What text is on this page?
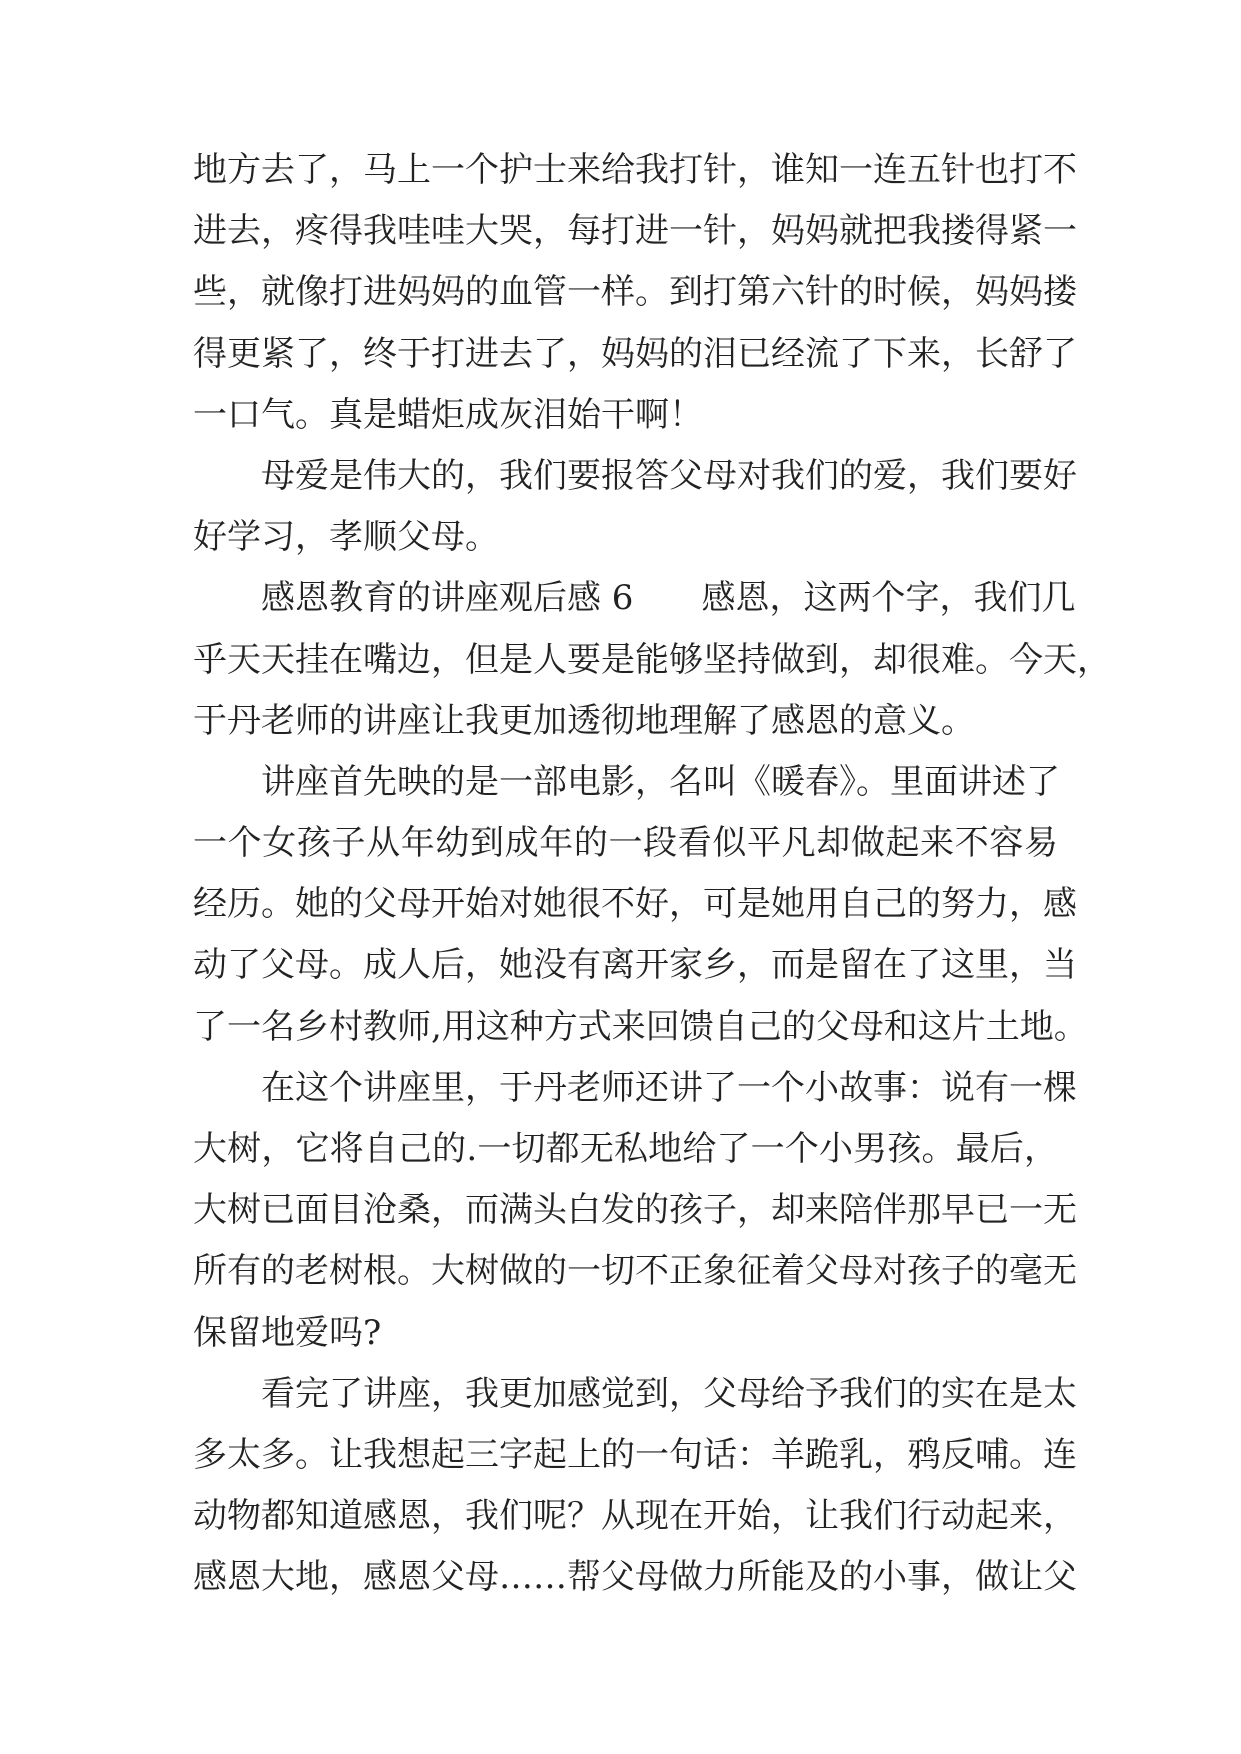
地方去了，马上一个护士来给我打针，谁知一连五针也打不
进去，疼得我哇哇大哭，每打进一针，妈妈就把我搂得紧一
些，就像打进妈妈的血管一样。到打第六针的时候，妈妈搂
得更紧了，终于打进去了，妈妈的泪已经流了下来，长舒了
一口气。真是蜡炬成灰泪始干啊！
母爱是伟大的，我们要报答父母对我们的爱，我们要好
好学习，孝顺父母。
感恩教育的讲座观后感 6　　感恩，这两个字，我们几
乎天天挂在嘴边，但是人要是能够坚持做到，却很难。今天，
于丹老师的讲座让我更加透彻地理解了感恩的意义。
讲座首先映的是一部电影，名叫《暖春》。里面讲述了
一个女孩子从年幼到成年的一段看似平凡却做起来不容易
经历。她的父母开始对她很不好，可是她用自己的努力，感
动了父母。成人后，她没有离开家乡，而是留在了这里，当
了一名乡村教师,用这种方式来回馈自己的父母和这片土地。
在这个讲座里，于丹老师还讲了一个小故事：说有一棵
大树，它将自己的.一切都无私地给了一个小男孩。最后，
大树已面目沧桑，而满头白发的孩子，却来陪伴那早已一无
所有的老树根。大树做的一切不正象征着父母对孩子的毫无
保留地爱吗?
看完了讲座，我更加感觉到，父母给予我们的实在是太
多太多。让我想起三字起上的一句话：羊跪乳，鸦反哺。连
动物都知道感恩，我们呢？从现在开始，让我们行动起来，
感恩大地，感恩父母……帮父母做力所能及的小事，做让父
